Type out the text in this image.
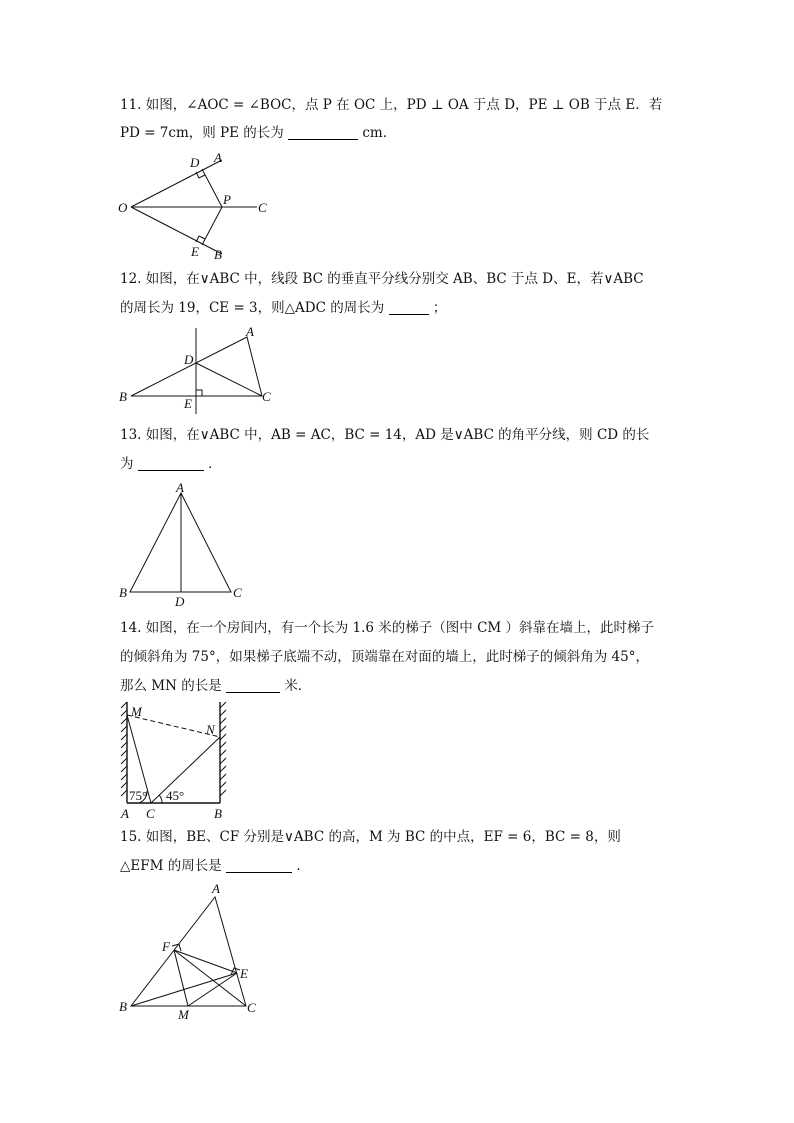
11. 如图，∠AOC = ∠BOC，点 P 在 OC 上，PD ⊥ OA 于点 D，PE ⊥ OB 于点 E．若
PD = 7cm，则 PE 的长为	cm．
O
D A
P
C
E B
12. 如图，在∨ABC 中，线段 BC 的垂直平分线分别交 AB、BC 于点 D、E，若∨ABC
的周长为 19，CE = 3，则△ADC 的周长为	；
A
D
B	E	C
13. 如图，在∨ABC 中，AB = AC，BC = 14，AD 是∨ABC 的角平分线，则 CD 的长
为	．
A
B
D
C
14. 如图，在一个房间内，有一个长为 1.6 米的梯子（图中 CM ）斜靠在墙上，此时梯子
的倾斜角为 75°，如果梯子底端不动，顶端靠在对面的墙上，此时梯子的倾斜角为 45°，
那么 MN 的长是	米．
M
N
75° 45°
A C	B
15. 如图，BE、CF 分别是∨ABC 的高，M 为 BC 的中点，EF = 6，BC = 8，则
△EFM 的周长是	．
A
F
E
B
M	C
